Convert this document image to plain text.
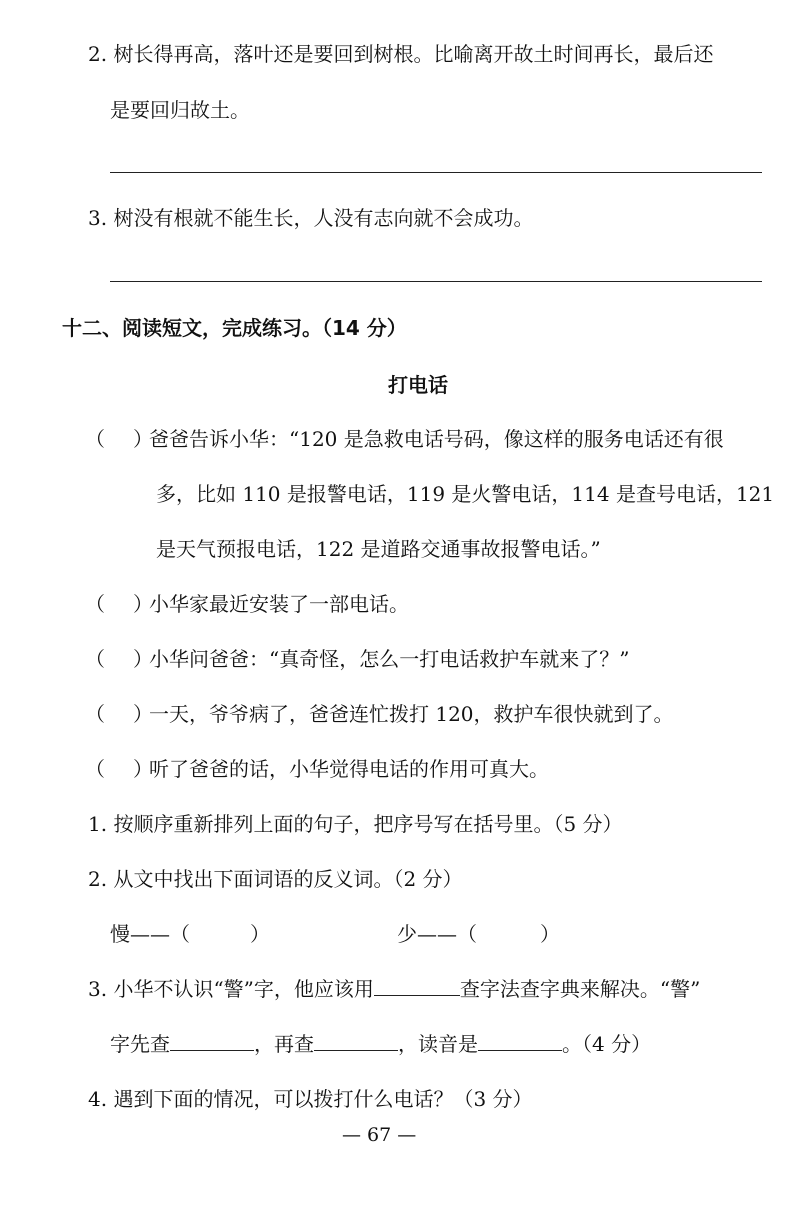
2. 树长得再高，落叶还是要回到树根。比喻离开故土时间再长，最后还
是要回归故土。
3. 树没有根就不能生长，人没有志向就不会成功。
十二、阅读短文，完成练习。（14 分）
打电话
（ ）
爸爸告诉小华：“120 是急救电话号码，像这样的服务电话还有很
多，比如 110 是报警电话，119 是火警电话，114 是查号电话，121
是天气预报电话，122 是道路交通事故报警电话。”
（ ）
小华家最近安装了一部电话。
（ ）
小华问爸爸：“真奇怪，怎么一打电话救护车就来了？”
（ ）
一天，爷爷病了，爸爸连忙拨打 120，救护车很快就到了。
（ ）
听了爸爸的话，小华觉得电话的作用可真大。
1. 按顺序重新排列上面的句子，把序号写在括号里。（5 分）
2. 从文中找出下面词语的反义词。（2 分）
慢——（	）	少——（	）
3. 小华不认识“警”字，他应该用	查字法查字典来解决。“警”
字先查	，再查	，读音是	。（4 分）
4. 遇到下面的情况，可以拨打什么电话？（3 分）
— 67 —
